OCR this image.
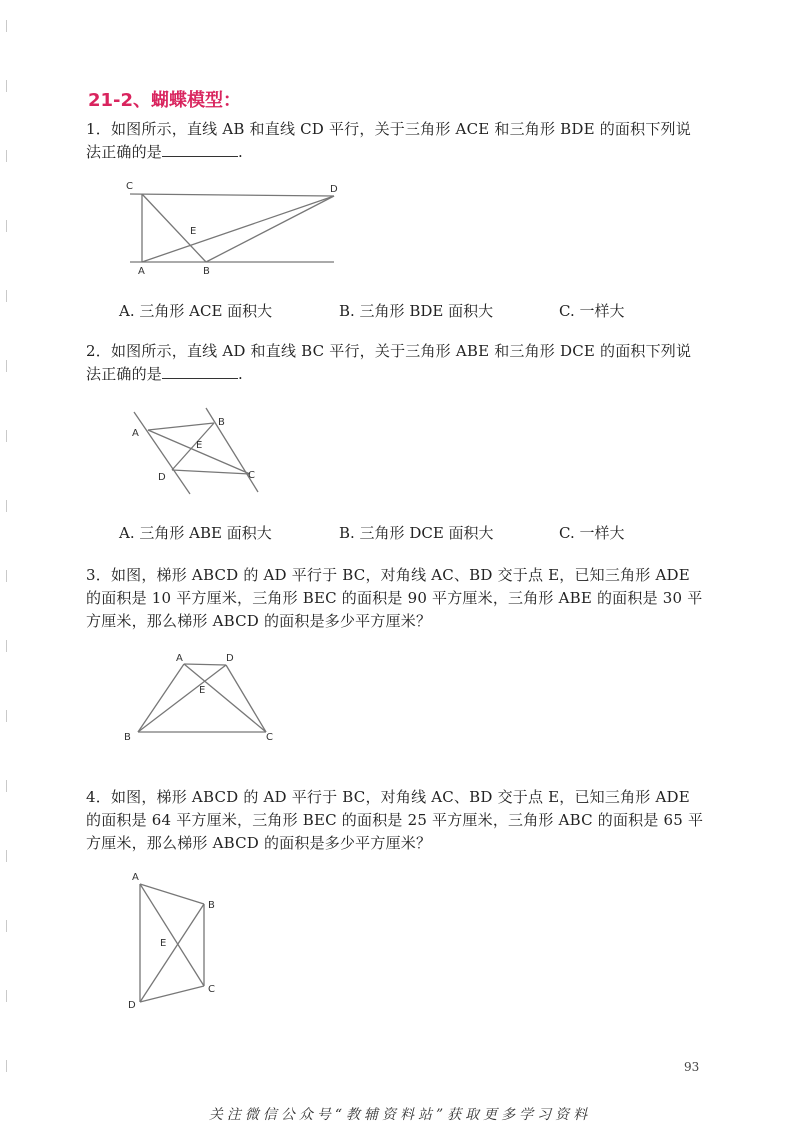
21-2、蝴蝶模型：
1．如图所示，直线 AB 和直线 CD 平行，关于三角形 ACE 和三角形 BDE 的面积下列说法正确的是	.
C	D
E
A	B
A. 三角形 ACE 面积大	B. 三角形 BDE 面积大	C. 一样大
2．如图所示，直线 AD 和直线 BC 平行，关于三角形 ABE 和三角形 DCE 的面积下列说法正确的是	.
A
B
E
C
D
A. 三角形 ABE 面积大	B. 三角形 DCE 面积大	C. 一样大
3．如图，梯形 ABCD 的 AD 平行于 BC，对角线 AC、BD 交于点 E，已知三角形 ADE 的面积是 10 平方厘米，三角形 BEC 的面积是 90 平方厘米，三角形 ABE 的面积是 30 平方厘米，那么梯形 ABCD 的面积是多少平方厘米？
A	D
E
B	C
4．如图，梯形 ABCD 的 AD 平行于 BC，对角线 AC、BD 交于点 E，已知三角形 ADE 的面积是 64 平方厘米，三角形 BEC 的面积是 25 平方厘米，三角形 ABC 的面积是 65 平方厘米，那么梯形 ABCD 的面积是多少平方厘米？
A
B
E
C
D
93
关注微信公众号“教辅资料站”获取更多学习资料
